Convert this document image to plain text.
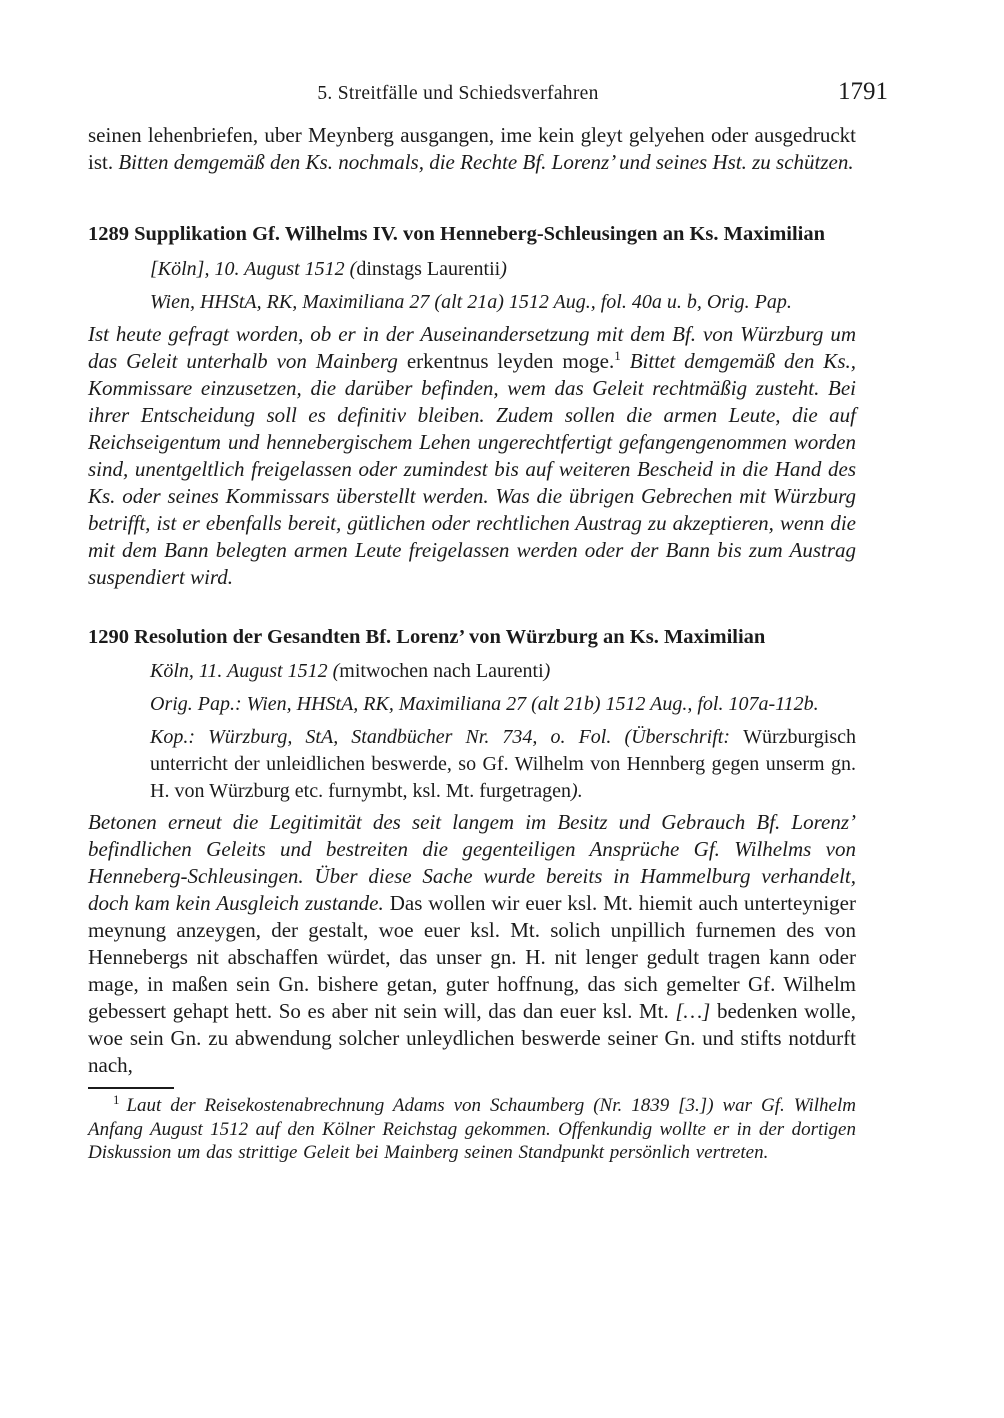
5. Streitfälle und Schiedsverfahren	1791

seinen lehenbriefen, uber Meynberg ausgangen, ime kein gleyt gelyehen oder ausgedruckt ist. Bitten demgemäß den Ks. nochmals, die Rechte Bf. Lorenz’ und seines Hst. zu schützen.

1289 Supplikation Gf. Wilhelms IV. von Henneberg-Schleusingen an Ks. Maximilian

[Köln], 10. August 1512 (dinstags Laurentii)

Wien, HHStA, RK, Maximiliana 27 (alt 21a) 1512 Aug., fol. 40a u. b, Orig. Pap.

Ist heute gefragt worden, ob er in der Auseinandersetzung mit dem Bf. von Würzburg um das Geleit unterhalb von Mainberg erkentnus leyden moge.$^1$ Bittet demgemäß den Ks., Kommissare einzusetzen, die darüber befinden, wem das Geleit rechtmäßig zusteht. Bei ihrer Entscheidung soll es definitiv bleiben. Zudem sollen die armen Leute, die auf Reichseigentum und hennebergischem Lehen ungerechtfertigt gefangengenommen worden sind, unentgeltlich freigelassen oder zumindest bis auf weiteren Bescheid in die Hand des Ks. oder seines Kommissars überstellt werden. Was die übrigen Gebrechen mit Würzburg betrifft, ist er ebenfalls bereit, gütlichen oder rechtlichen Austrag zu akzeptieren, wenn die mit dem Bann belegten armen Leute freigelassen werden oder der Bann bis zum Austrag suspendiert wird.

1290 Resolution der Gesandten Bf. Lorenz’ von Würzburg an Ks. Maximilian

Köln, 11. August 1512 (mitwochen nach Laurenti)

Orig. Pap.: Wien, HHStA, RK, Maximiliana 27 (alt 21b) 1512 Aug., fol. 107a-112b.

Kop.: Würzburg, StA, Standbücher Nr. 734, o. Fol. (Überschrift: Würzburgisch unterricht der unleidlichen beswerde, so Gf. Wilhelm von Hennberg gegen unserm gn. H. von Würzburg etc. furnymbt, ksl. Mt. furgetragen).

Betonen erneut die Legitimität des seit langem im Besitz und Gebrauch Bf. Lorenz’ befindlichen Geleits und bestreiten die gegenteiligen Ansprüche Gf. Wilhelms von Henneberg-Schleusingen. Über diese Sache wurde bereits in Hammelburg verhandelt, doch kam kein Ausgleich zustande. Das wollen wir euer ksl. Mt. hiemit auch unterteyniger meynung anzeygen, der gestalt, woe euer ksl. Mt. solich unpillich furnemen des von Hennebergs nit abschaffen würdet, das unser gn. H. nit lenger gedult tragen kann oder mage, in maßen sein Gn. bishere getan, guter hoffnung, das sich gemelter Gf. Wilhelm gebessert gehapt hett. So es aber nit sein will, das dan euer ksl. Mt. […] bedenken wolle, woe sein Gn. zu abwendung solcher unleydlichen beswerde seiner Gn. und stifts notdurft nach,

$^1$ Laut der Reisekostenabrechnung Adams von Schaumberg (Nr. 1839 [3.]) war Gf. Wilhelm Anfang August 1512 auf den Kölner Reichstag gekommen. Offenkundig wollte er in der dortigen Diskussion um das strittige Geleit bei Mainberg seinen Standpunkt persönlich vertreten.
